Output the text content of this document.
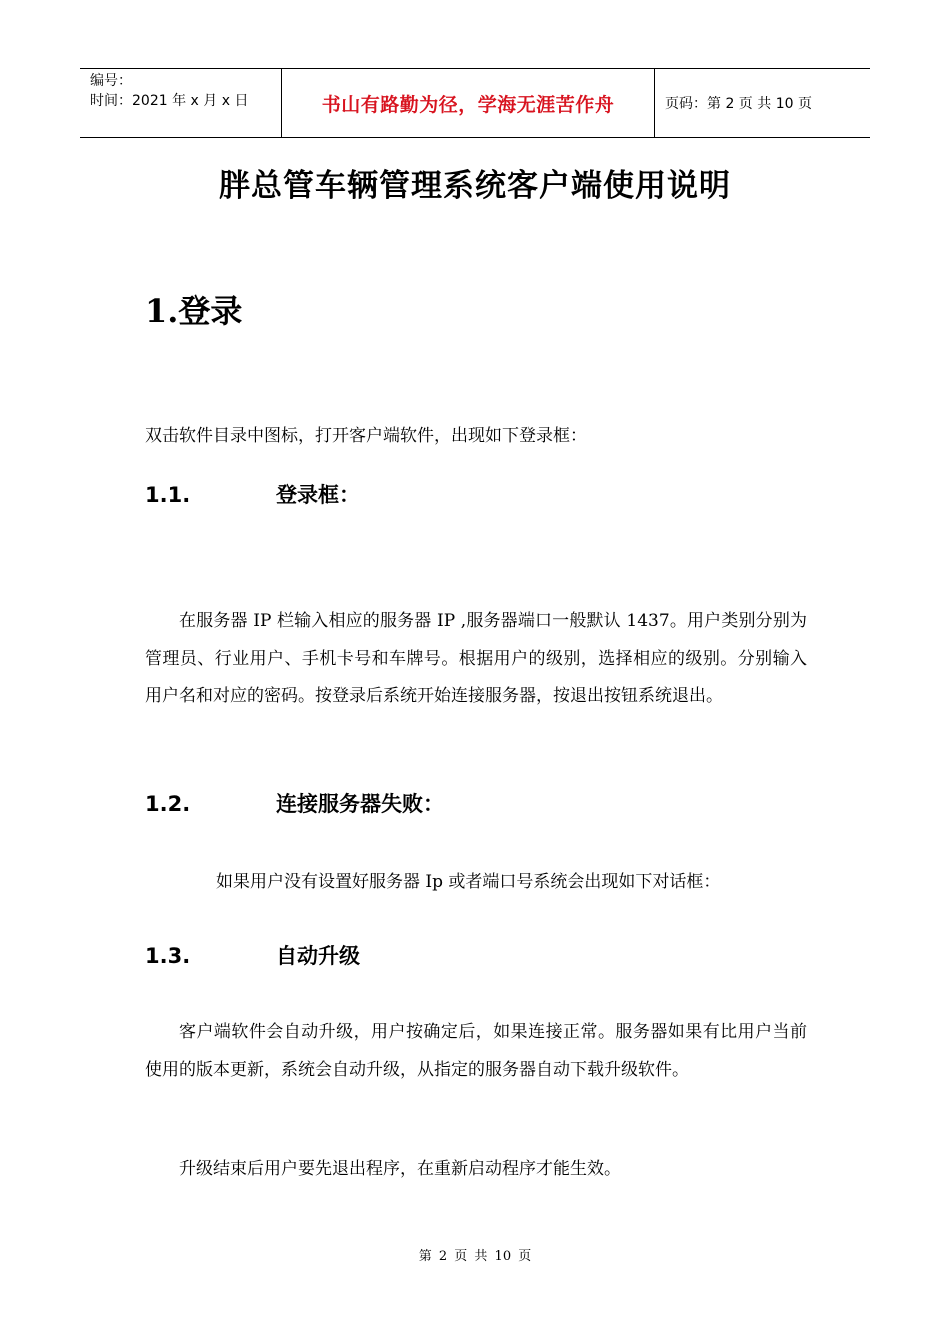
编号：
时间：2021 年 x 月 x 日	书山有路勤为径，学海无涯苦作舟	页码：第 2 页 共 10 页
胖总管车辆管理系统客户端使用说明
1.登录

双击软件目录中图标，打开客户端软件，出现如下登录框：

1.1.	登录框：

在服务器 IP 栏输入相应的服务器 IP ,服务器端口一般默认 1437。用户类别分别为管理员、行业用户、手机卡号和车牌号。根据用户的级别，选择相应的级别。分别输入用户名和对应的密码。按登录后系统开始连接服务器，按退出按钮系统退出。

1.2.	连接服务器失败：

如果用户没有设置好服务器 Ip 或者端口号系统会出现如下对话框：

1.3.	自动升级

客户端软件会自动升级，用户按确定后，如果连接正常。服务器如果有比用户当前使用的版本更新，系统会自动升级，从指定的服务器自动下载升级软件。

升级结束后用户要先退出程序，在重新启动程序才能生效。

第 2 页 共 10 页
